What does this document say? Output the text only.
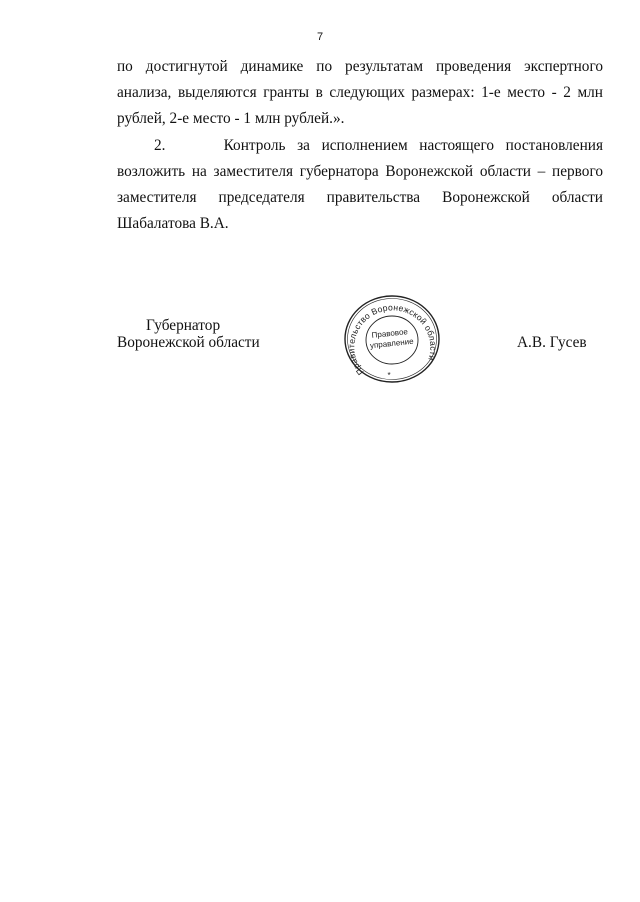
7

по достигнутой динамике по результатам проведения экспертного анализа, выделяются гранты в следующих размерах: 1-е место - 2 млн рублей, 2-е место - 1 млн рублей.».

2.     Контроль за исполнением настоящего постановления возложить на заместителя губернатора Воронежской области – первого заместителя председателя правительства Воронежской области Шабалатова В.А.

Губернатор
Воронежской области	А.В. Гусев
Правительство Воронежской области
Правовое
управление
*
